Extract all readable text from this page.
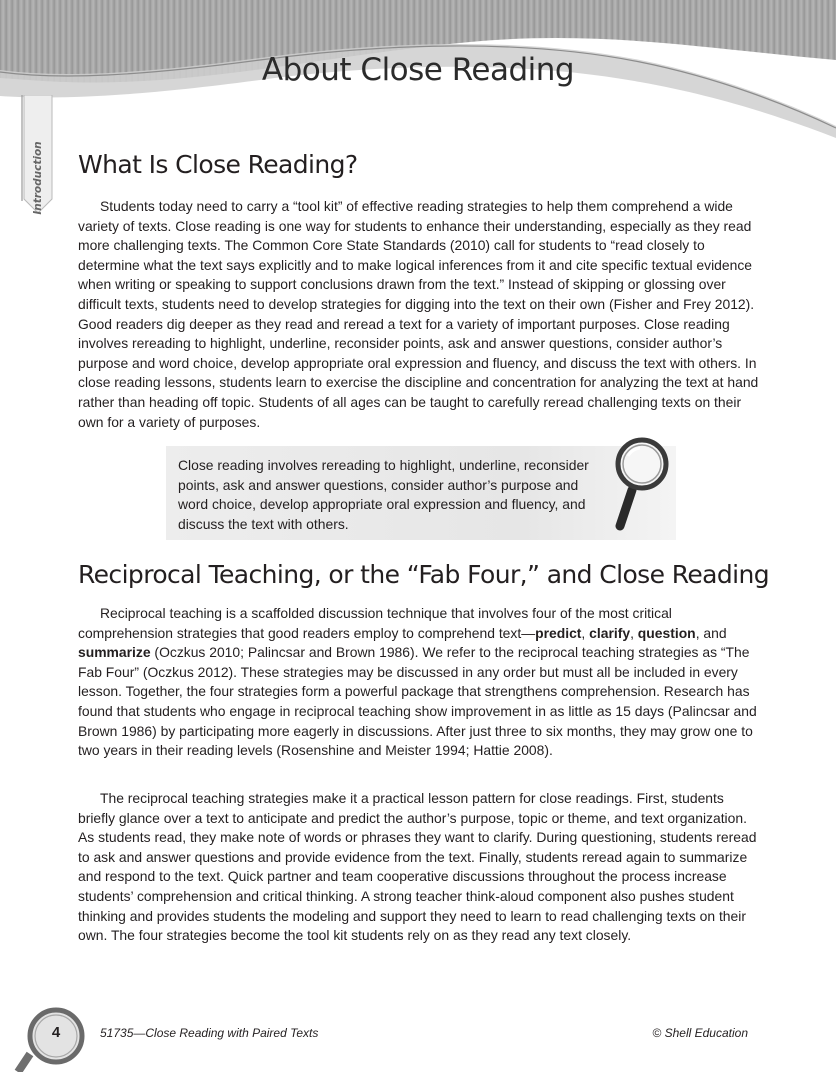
About Close Reading
Introduction What Is Close Reading?

Students today need to carry a “tool kit” of effective reading strategies to help them comprehend a wide variety of texts. Close reading is one way for students to enhance their understanding, especially as they read more challenging texts. The Common Core State Standards (2010) call for students to “read closely to determine what the text says explicitly and to make logical inferences from it and cite specific textual evidence when writing or speaking to support conclusions drawn from the text.” Instead of skipping or glossing over difficult texts, students need to develop strategies for digging into the text on their own (Fisher and Frey 2012). Good readers dig deeper as they read and reread a text for a variety of important purposes. Close reading involves rereading to highlight, underline, reconsider points, ask and answer questions, consider author’s purpose and word choice, develop appropriate oral expression and fluency, and discuss the text with others. In close reading lessons, students learn to exercise the discipline and concentration for analyzing the text at hand rather than heading off topic. Students of all ages can be taught to carefully reread challenging texts on their own for a variety of purposes.

Close reading involves rereading to highlight, underline, reconsider points, ask and answer questions, consider author’s purpose and word choice, develop appropriate oral expression and fluency, and discuss the text with others.

Reciprocal Teaching, or the “Fab Four,” and Close Reading

Reciprocal teaching is a scaffolded discussion technique that involves four of the most critical comprehension strategies that good readers employ to comprehend text—predict, clarify, question, and summarize (Oczkus 2010; Palincsar and Brown 1986). We refer to the reciprocal teaching strategies as “The Fab Four” (Oczkus 2012). These strategies may be discussed in any order but must all be included in every lesson. Together, the four strategies form a powerful package that strengthens comprehension. Research has found that students who engage in reciprocal teaching show improvement in as little as 15 days (Palincsar and Brown 1986) by participating more eagerly in discussions. After just three to six months, they may grow one to two years in their reading levels (Rosenshine and Meister 1994; Hattie 2008).

The reciprocal teaching strategies make it a practical lesson pattern for close readings. First, students briefly glance over a text to anticipate and predict the author’s purpose, topic or theme, and text organization. As students read, they make note of words or phrases they want to clarify. During questioning, students reread to ask and answer questions and provide evidence from the text. Finally, students reread again to summarize and respond to the text. Quick partner and team cooperative discussions throughout the process increase students’ comprehension and critical thinking. A strong teacher think-aloud component also pushes student thinking and provides students the modeling and support they need to learn to read challenging texts on their own. The four strategies become the tool kit students rely on as they read any text closely.

4	51735—Close Reading with Paired Texts	© Shell Education
